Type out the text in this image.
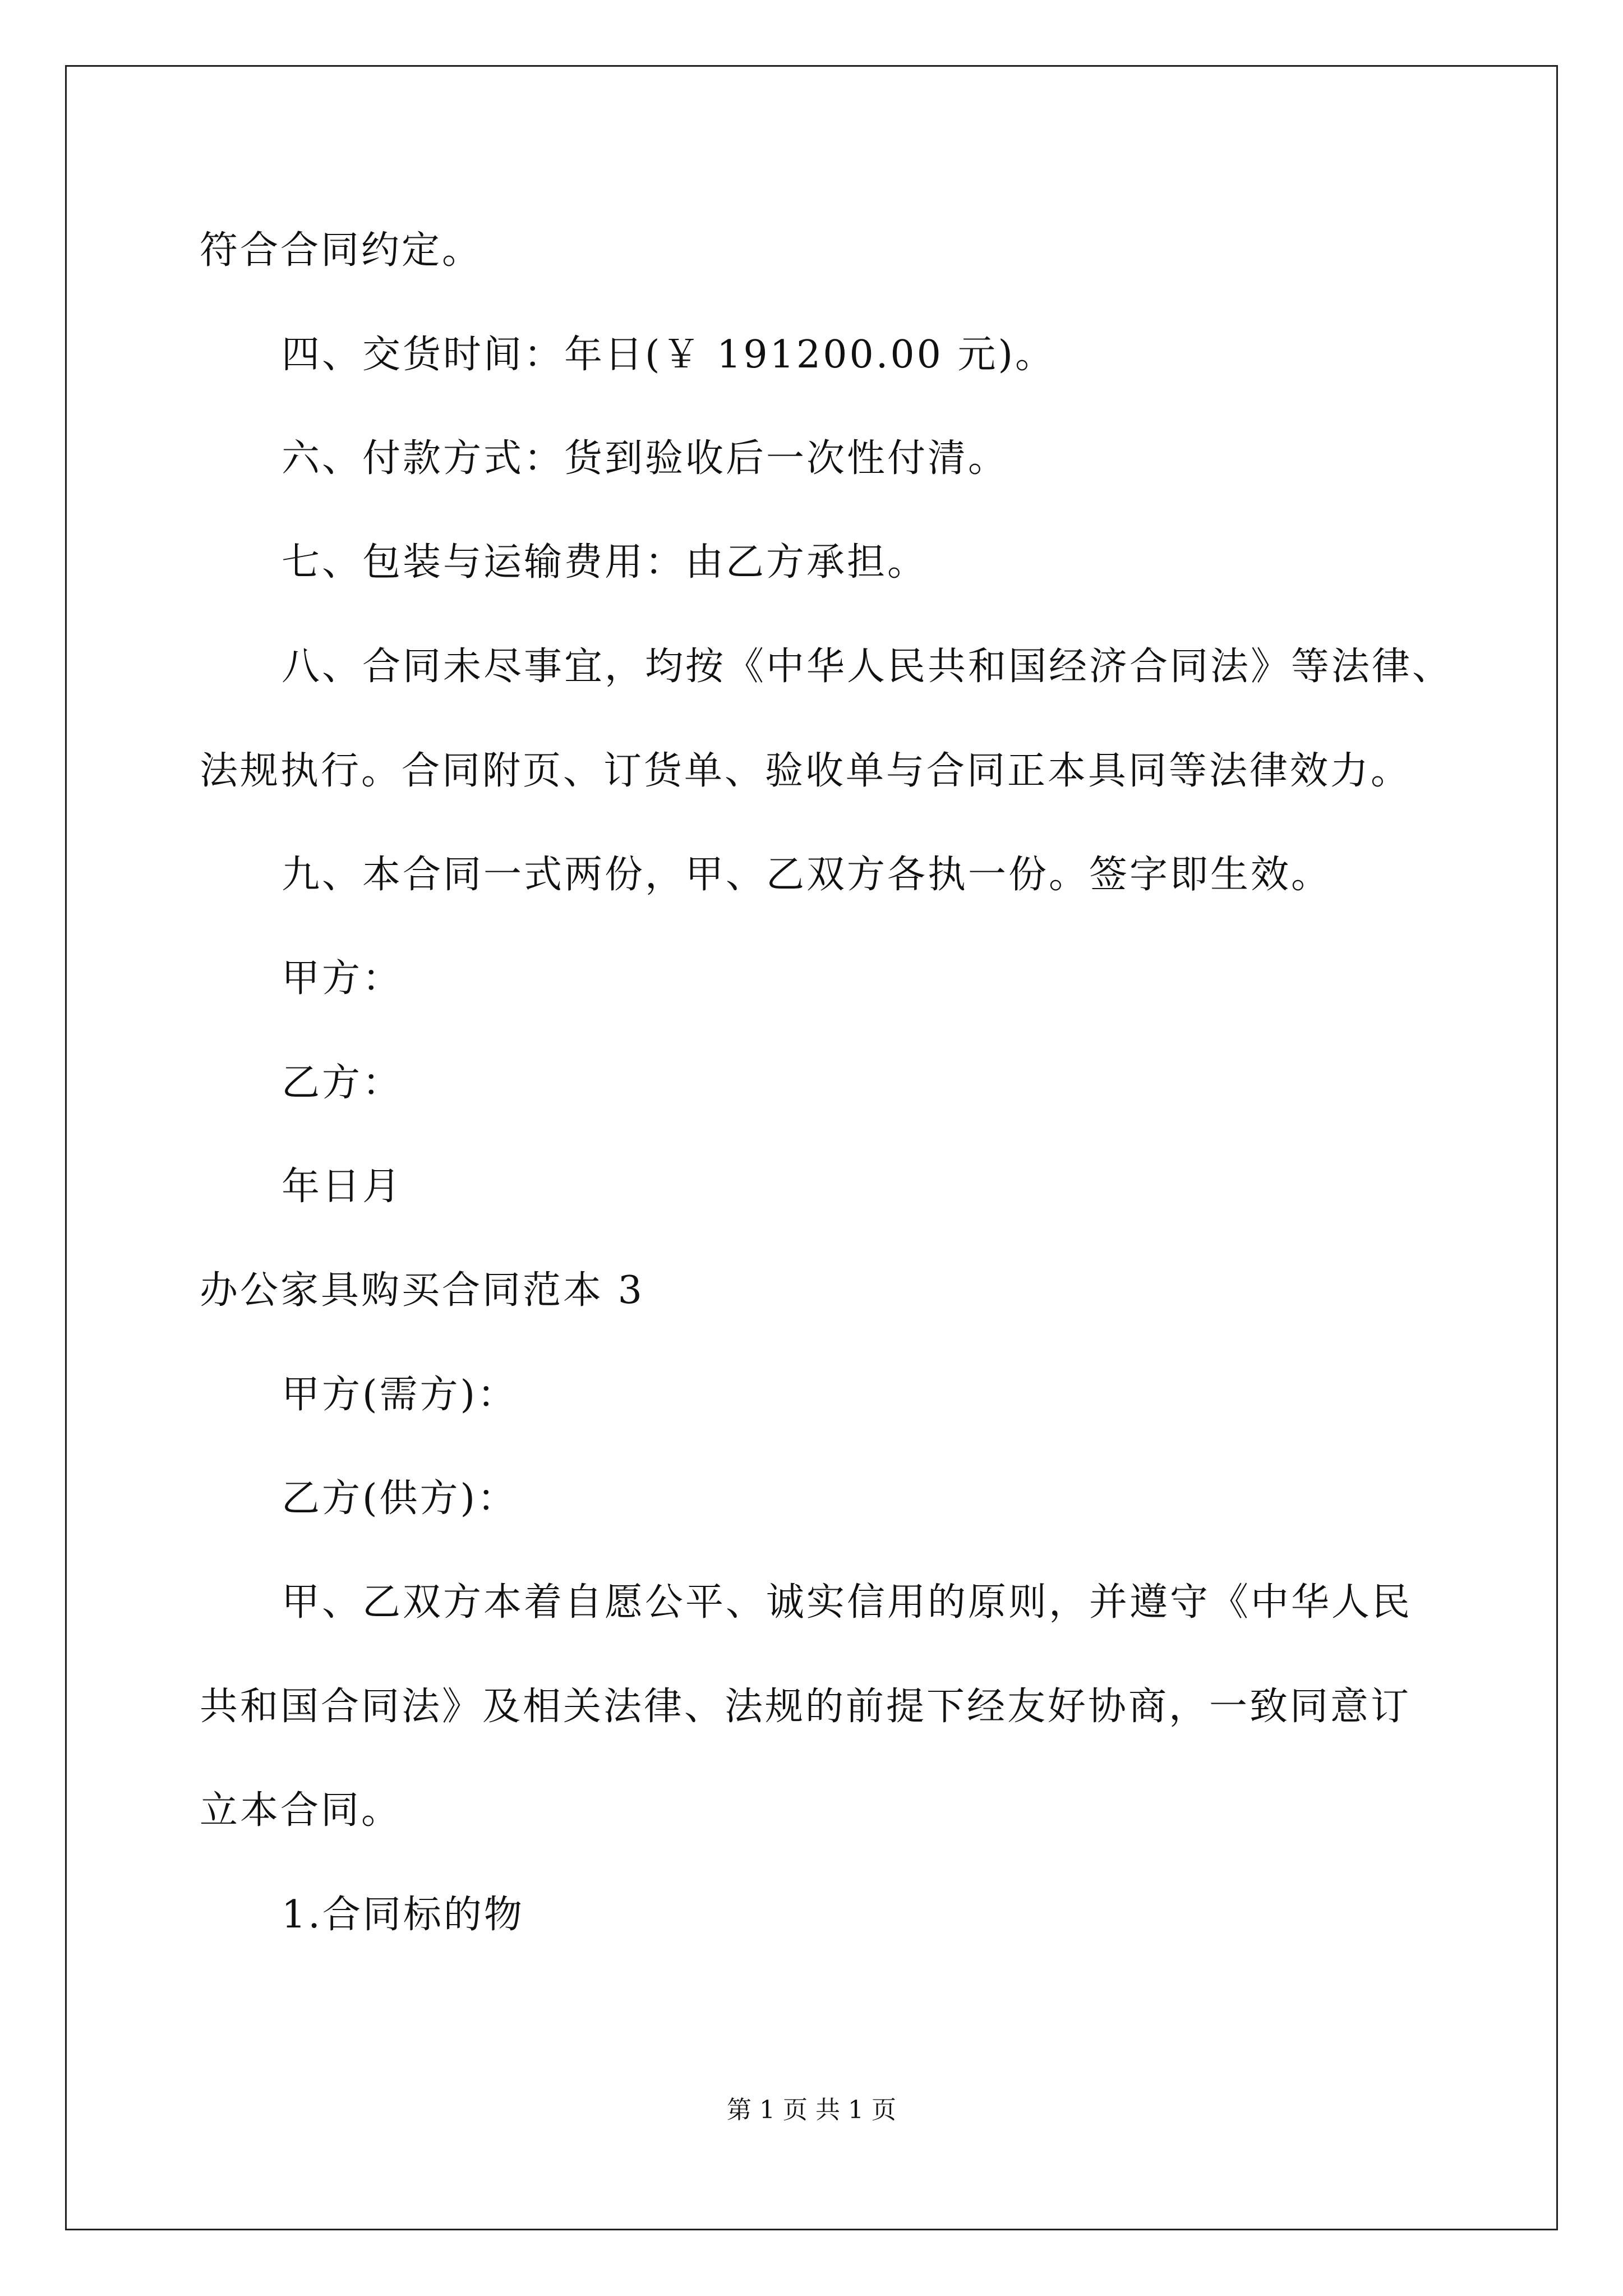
符合合同约定。
四、交货时间：年日(￥ 191200.00 元)。
六、付款方式：货到验收后一次性付清。
七、包装与运输费用：由乙方承担。
八、合同未尽事宜，均按《中华人民共和国经济合同法》等法律、
法规执行。合同附页、订货单、验收单与合同正本具同等法律效力。
九、本合同一式两份，甲、乙双方各执一份。签字即生效。
甲方：
乙方：
年日月
办公家具购买合同范本 3
甲方(需方)：
乙方(供方)：
甲、乙双方本着自愿公平、诚实信用的原则，并遵守《中华人民
共和国合同法》及相关法律、法规的前提下经友好协商，一致同意订
立本合同。
1.合同标的物
第 1 页 共 1 页
